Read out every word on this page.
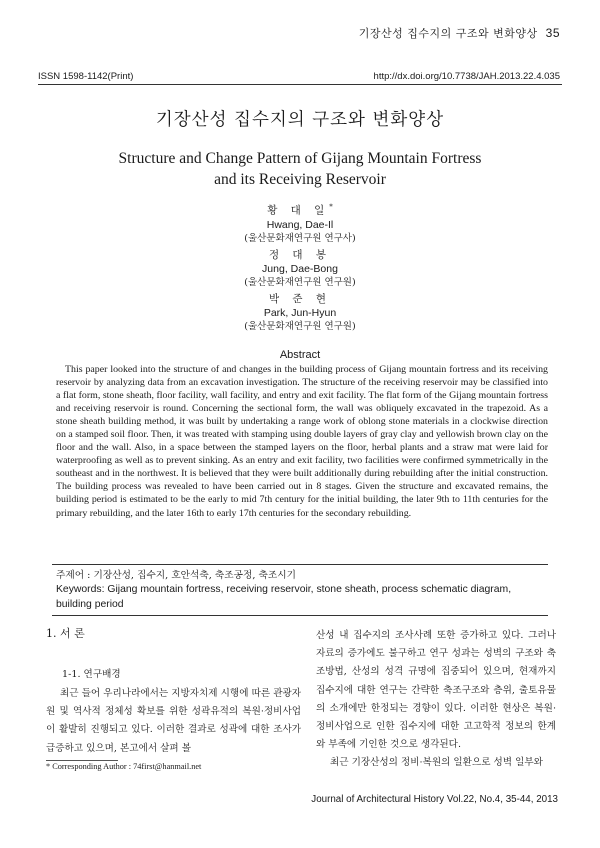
기장산성 집수지의 구조와 변화양상 35
ISSN 1598-1142(Print)	http://dx.doi.org/10.7738/JAH.2013.22.4.035
기장산성 집수지의 구조와 변화양상
Structure and Change Pattern of Gijang Mountain Fortress
and its Receiving Reservoir
황 대 일*
Hwang, Dae-Il
(울산문화재연구원 연구사)
정 대 봉
Jung, Dae-Bong
(울산문화재연구원 연구원)
박 준 현
Park, Jun-Hyun
(울산문화재연구원 연구원)
Abstract
This paper looked into the structure of and changes in the building process of Gijang mountain fortress and its receiving reservoir by analyzing data from an excavation investigation. The structure of the receiving reservoir may be classified into a flat form, stone sheath, floor facility, wall facility, and entry and exit facility. The flat form of the Gijang mountain fortress and receiving reservoir is round. Concerning the sectional form, the wall was obliquely excavated in the trapezoid. As a stone sheath building method, it was built by undertaking a range work of oblong stone materials in a clockwise direction on a stamped soil floor. Then, it was treated with stamping using double layers of gray clay and yellowish brown clay on the floor and the wall. Also, in a space between the stamped layers on the floor, herbal plants and a straw mat were laid for waterproofing as well as to prevent sinking. As an entry and exit facility, two facilities were confirmed symmetrically in the southeast and in the northwest. It is believed that they were built additionally during rebuilding after the initial construction. The building process was revealed to have been carried out in 8 stages. Given the structure and excavated remains, the building period is estimated to be the early to mid 7th century for the initial building, the later 9th to 11th centuries for the primary rebuilding, and the later 16th to early 17th centuries for the secondary rebuilding.
주제어 : 기장산성, 집수지, 호안석축, 축조공정, 축조시기
Keywords: Gijang mountain fortress, receiving reservoir, stone sheath, process schematic diagram, building period
1. 서 론
1-1. 연구배경
최근 들어 우리나라에서는 지방자치제 시행에 따른 관광자원 및 역사적 정체성 확보를 위한 성곽유적의 복원·정비사업이 활발히 진행되고 있다. 이러한 결과로 성곽에 대한 조사가 급증하고 있으며, 본고에서 살펴 볼
산성 내 집수지의 조사사례 또한 증가하고 있다. 그러나 자료의 증가에도 불구하고 연구 성과는 성벽의 구조와 축조방법, 산성의 성격 규명에 집중되어 있으며, 현재까지 집수지에 대한 연구는 간략한 축조구조와 층위, 출토유물의 소개에만 한정되는 경향이 있다. 이러한 현상은 복원·정비사업으로 인한 집수지에 대한 고고학적 정보의 한계와 부족에 기인한 것으로 생각된다.
최근 기장산성의 정비·복원의 일환으로 성벽 일부와
* Corresponding Author : 74first@hanmail.net
Journal of Architectural History Vol.22, No.4, 35-44, 2013
